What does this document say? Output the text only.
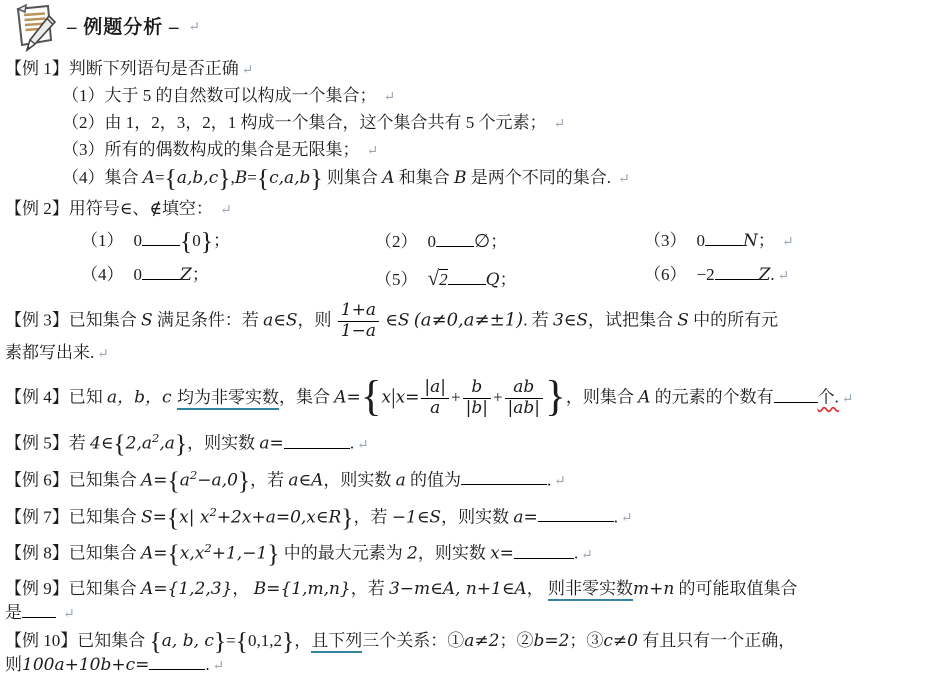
– 例题分析 – ↵

【例 1】判断下列语句是否正确 ↵

（1）大于 5 的自然数可以构成一个集合； ↵

（2）由 1，2，3，2，1 构成一个集合，这个集合共有 5 个元素； ↵

（3）所有的偶数构成的集合是无限集； ↵

（4）集合 A={a,b,c},B={c,a,b} 则集合 A 和集合 B 是两个不同的集合. ↵

【例 2】用符号∈、∉填空： ↵

（1） 0 {0}；	（2） 0 ∅；	（3） 0 N； ↵
（4） 0 Z；	（5） √2 Q；	（6） −2	Z. ↵

【例 3】已知集合 S 满足条件：若 a∈S，则 $\frac{1+a}{1-a}$ ∈S (a≠0,a≠±1). 若 3∈S，试把集合 S 中的所有元
素都写出来. ↵

【例 4】已知 a，b，c 均为非零实数，集合 $A=\{x|x= \frac{|a|}{a} + \frac{b}{|b|} + \frac{ab}{|ab|}$ }，则集合 A 的元素的个数有	个. ↵

【例 5】若 $4\in\{2,a^2,a\}$，则实数 a=	. ↵

【例 6】已知集合 $A=\{a^2-a,0\}$，若 a∈A，则实数 a 的值为	. ↵

【例 7】已知集合 S={x| $x^2+2x+a=0,x\in R$}，若 −1∈S，则实数 a=	. ↵

【例 8】已知集合 $A=\{x,x^2+1,-1\}$ 中的最大元素为 2，则实数 x=	. ↵

【例 9】已知集合 A={1,2,3}， B={1,m,n}，若 3−m∈A, n+1∈A， 则非零实数m+n 的可能取值集合
是	↵

【例 10】已知集合 {a, b, c}={0,1,2}，且下列三个关系：①a≠2；②b=2；③c≠0 有且只有一个正确，
则100a+10b+c=	. ↵
